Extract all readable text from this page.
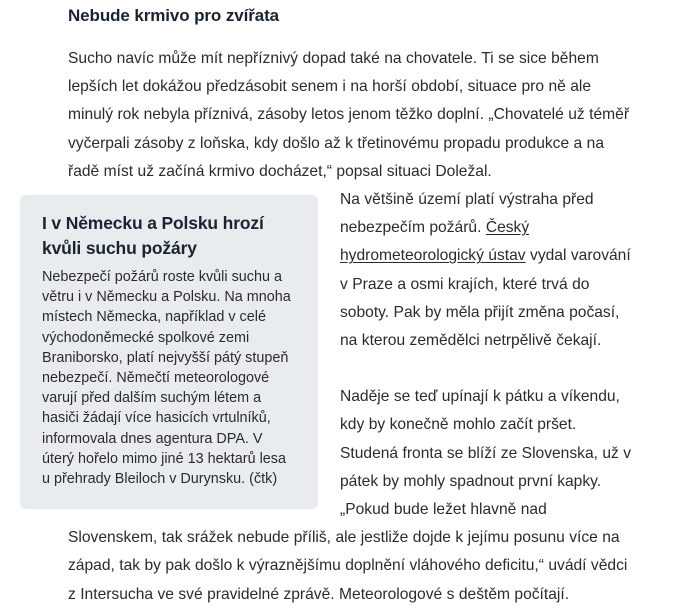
Nebude krmivo pro zvířata

Sucho navíc může mít nepříznivý dopad také na chovatele. Ti se sice během lepších let dokážou předzásobit senem i na horší období, situace pro ně ale minulý rok nebyla příznivá, zásoby letos jenom těžko doplní. „Chovatelé už téměř vyčerpali zásoby z loňska, kdy došlo až k třetinovému propadu produkce a na řadě míst už začíná krmivo docházet,“ popsal situaci Doležal.

I v Německu a Polsku hrozí kvůli suchu požáry

Nebezpečí požárů roste kvůli suchu a větru i v Německu a Polsku. Na mnoha místech Německa, například v celé východoněmecké spolkové zemi Braniborsko, platí nejvyšší pátý stupeň nebezpečí. Němečtí meteorologové varují před dalším suchým létem a hasiči žádají více hasicích vrtulníků, informovala dnes agentura DPA. V úterý hořelo mimo jiné 13 hektarů lesa u přehrady Bleiloch v Durynsku. (čtk)

Na většině území platí výstraha před nebezpečím požárů. Český hydrometeorologický ústav vydal varování v Praze a osmi krajích, které trvá do soboty. Pak by měla přijít změna počasí, na kterou zemědělci netrpělivě čekají.

Naděje se teď upínají k pátku a víkendu, kdy by konečně mohlo začít pršet. Studená fronta se blíží ze Slovenska, už v pátek by mohly spadnout první kapky. „Pokud bude ležet hlavně nad Slovenskem, tak srážek nebude příliš, ale jestliže dojde k jejímu posunu více na západ, tak by pak došlo k výraznějšímu doplnění vláhového deficitu,“ uvádí vědci z Intersucha ve své pravidelné zprávě. Meteorologové s deštěm počítají.
